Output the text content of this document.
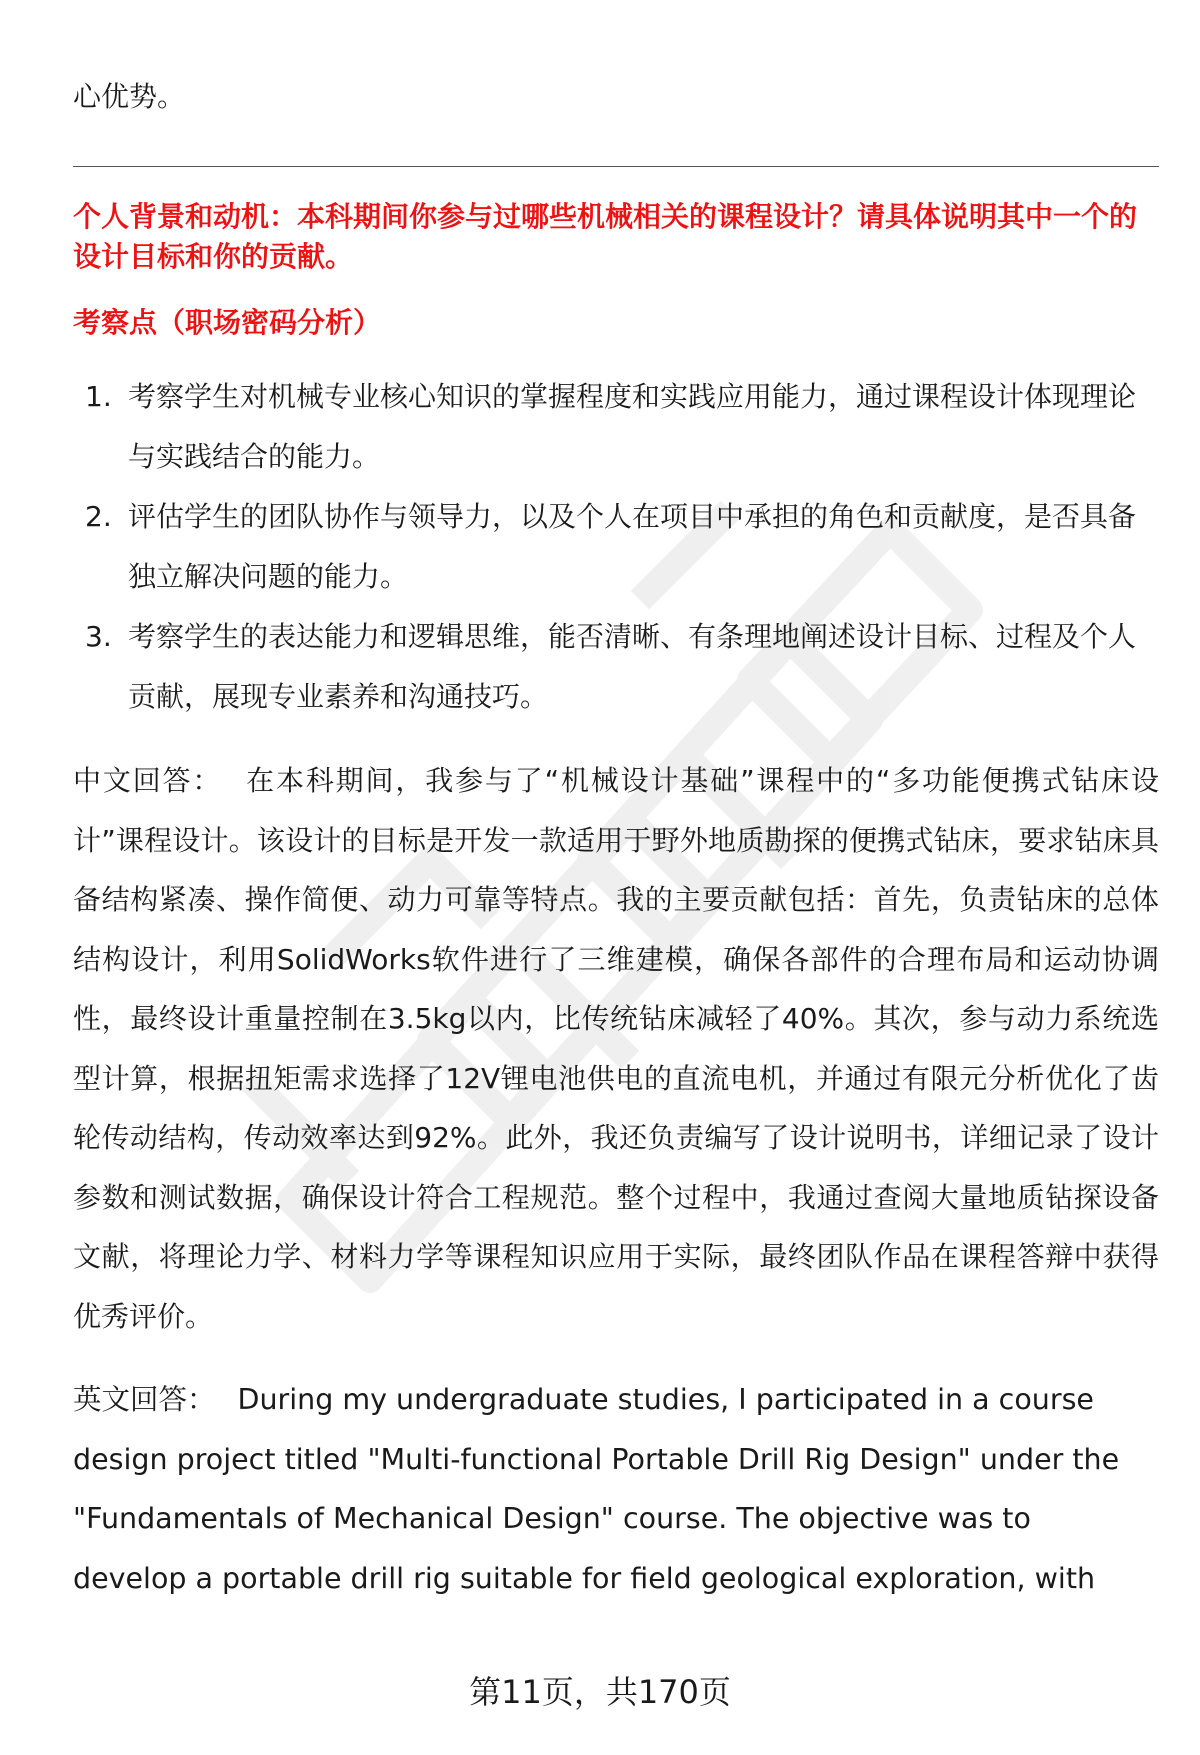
心优势。

个人背景和动机：本科期间你参与过哪些机械相关的课程设计？请具体说明其中一个的设计目标和你的贡献。

考察点（职场密码分析）

1. 考察学生对机械专业核心知识的掌握程度和实践应用能力，通过课程设计体现理论与实践结合的能力。
2. 评估学生的团队协作与领导力，以及个人在项目中承担的角色和贡献度，是否具备独立解决问题的能力。
3. 考察学生的表达能力和逻辑思维，能否清晰、有条理地阐述设计目标、过程及个人贡献，展现专业素养和沟通技巧。

中文回答： 在本科期间，我参与了“机械设计基础”课程中的“多功能便携式钻床设计”课程设计。该设计的目标是开发一款适用于野外地质勘探的便携式钻床，要求钻床具备结构紧凑、操作简便、动力可靠等特点。我的主要贡献包括：首先，负责钻床的总体结构设计，利用SolidWorks软件进行了三维建模，确保各部件的合理布局和运动协调性，最终设计重量控制在3.5kg以内，比传统钻床减轻了40%。其次，参与动力系统选型计算，根据扭矩需求选择了12V锂电池供电的直流电机，并通过有限元分析优化了齿轮传动结构，传动效率达到92%。此外，我还负责编写了设计说明书，详细记录了设计参数和测试数据，确保设计符合工程规范。整个过程中，我通过查阅大量地质钻探设备文献，将理论力学、材料力学等课程知识应用于实际，最终团队作品在课程答辩中获得优秀评价。

英文回答： During my undergraduate studies, I participated in a course design project titled "Multi-functional Portable Drill Rig Design" under the "Fundamentals of Mechanical Design" course. The objective was to develop a portable drill rig suitable for field geological exploration, with

第11页，共170页
